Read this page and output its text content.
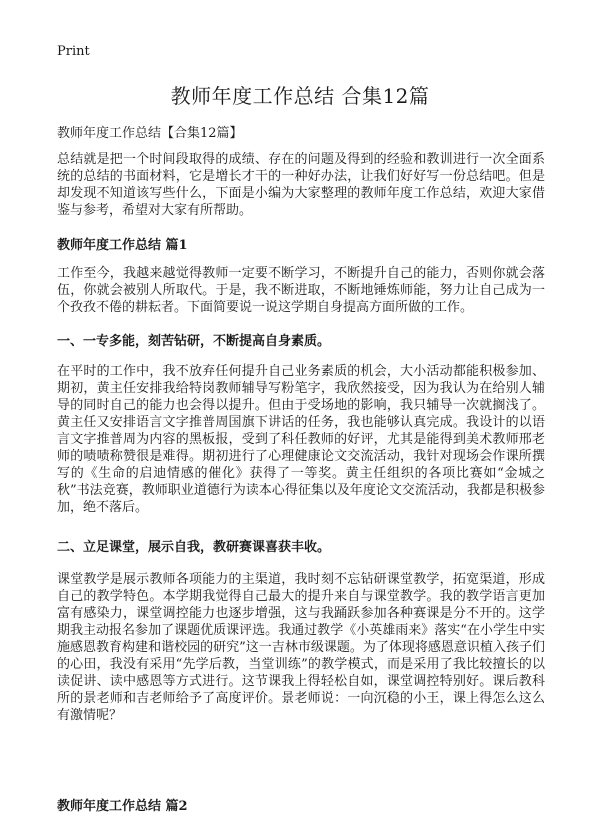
Print
教师年度工作总结 合集12篇
教师年度工作总结【合集12篇】

总结就是把一个时间段取得的成绩、存在的问题及得到的经验和教训进行一次全面系统的总结的书面材料，它是增长才干的一种好办法，让我们好好写一份总结吧。但是却发现不知道该写些什么，下面是小编为大家整理的教师年度工作总结，欢迎大家借鉴与参考，希望对大家有所帮助。

教师年度工作总结 篇1

工作至今，我越来越觉得教师一定要不断学习，不断提升自己的能力，否则你就会落伍，你就会被别人所取代。于是，我不断进取，不断地锤炼师能，努力让自己成为一个孜孜不倦的耕耘者。下面简要说一说这学期自身提高方面所做的工作。

一、一专多能，刻苦钻研，不断提高自身素质。

在平时的工作中，我不放弃任何提升自己业务素质的机会，大小活动都能积极参加、期初，黄主任安排我给特岗教师辅导写粉笔字，我欣然接受，因为我认为在给别人辅导的同时自己的能力也会得以提升。但由于受场地的影响，我只辅导一次就搁浅了。黄主任又安排语言文字推普周国旗下讲话的任务，我也能够认真完成。我设计的以语言文字推普周为内容的黑板报，受到了科任教师的好评，尤其是能得到美术教师邢老师的啧啧称赞很是难得。期初进行了心理健康论文交流活动，我针对现场会作课所撰写的《生命的启迪情感的催化》获得了一等奖。黄主任组织的各项比赛如“金城之秋”书法竞赛，教师职业道德行为读本心得征集以及年度论文交流活动，我都是积极参加，绝不落后。

二、立足课堂，展示自我，教研赛课喜获丰收。

课堂教学是展示教师各项能力的主渠道，我时刻不忘钻研课堂教学，拓宽渠道，形成自己的教学特色。本学期我觉得自己最大的提升来自与课堂教学。我的教学语言更加富有感染力，课堂调控能力也逐步增强，这与我踊跃参加各种赛课是分不开的。这学期我主动报名参加了课题优质课评选。我通过教学《小英雄雨来》落实“在小学生中实施感恩教育构建和谐校园的研究”这一吉林市级课题。为了体现将感恩意识植入孩子们的心田，我没有采用“先学后教，当堂训练”的教学模式，而是采用了我比较擅长的以读促讲、读中感恩等方式进行。这节课我上得轻松自如，课堂调控特别好。课后教科所的景老师和吉老师给予了高度评价。景老师说：一向沉稳的小王，课上得怎么这么有激情呢？

教师年度工作总结 篇2
